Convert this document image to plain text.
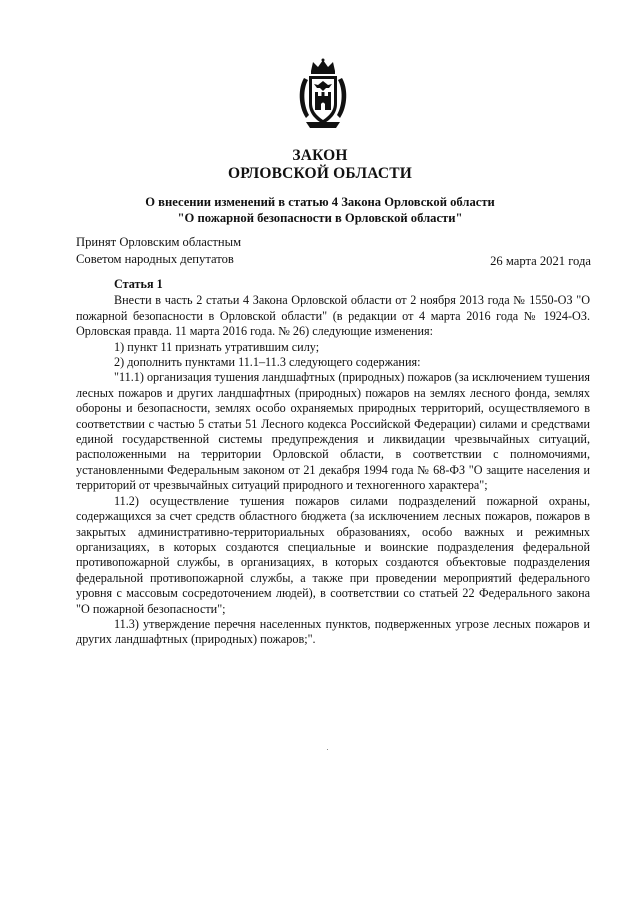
ЗАКОН
ОРЛОВСКОЙ ОБЛАСТИ
О внесении изменений в статью 4 Закона Орловской области
"О пожарной безопасности в Орловской области"
Принят Орловским областным
Советом народных депутатов	26 марта 2021 года

Статья 1

Внести в часть 2 статьи 4 Закона Орловской области от 2 ноября 2013 года № 1550-ОЗ "О пожарной безопасности в Орловской области" (в редакции от 4 марта 2016 года № 1924-ОЗ. Орловская правда. 11 марта 2016 года. № 26) следующие изменения:

1) пункт 11 признать утратившим силу;

2) дополнить пунктами 11.1–11.3 следующего содержания:

"11.1) организация тушения ландшафтных (природных) пожаров (за исключением тушения лесных пожаров и других ландшафтных (природных) пожаров на землях лесного фонда, землях обороны и безопасности, землях особо охраняемых природных территорий, осуществляемого в соответствии с частью 5 статьи 51 Лесного кодекса Российской Федерации) силами и средствами единой государственной системы предупреждения и ликвидации чрезвычайных ситуаций, расположенными на территории Орловской области, в соответствии с полномочиями, установленными Федеральным законом от 21 декабря 1994 года № 68-ФЗ "О защите населения и территорий от чрезвычайных ситуаций природного и техногенного характера";

11.2) осуществление тушения пожаров силами подразделений пожарной охраны, содержащихся за счет средств областного бюджета (за исключением лесных пожаров, пожаров в закрытых административно-территориальных образованиях, особо важных и режимных организациях, в которых создаются специальные и воинские подразделения федеральной противопожарной службы, в организациях, в которых создаются объектовые подразделения федеральной противопожарной службы, а также при проведении мероприятий федерального уровня с массовым сосредоточением людей), в соответствии со статьей 22 Федерального закона "О пожарной безопасности";

11.3) утверждение перечня населенных пунктов, подверженных угрозе лесных пожаров и других ландшафтных (природных) пожаров;".
